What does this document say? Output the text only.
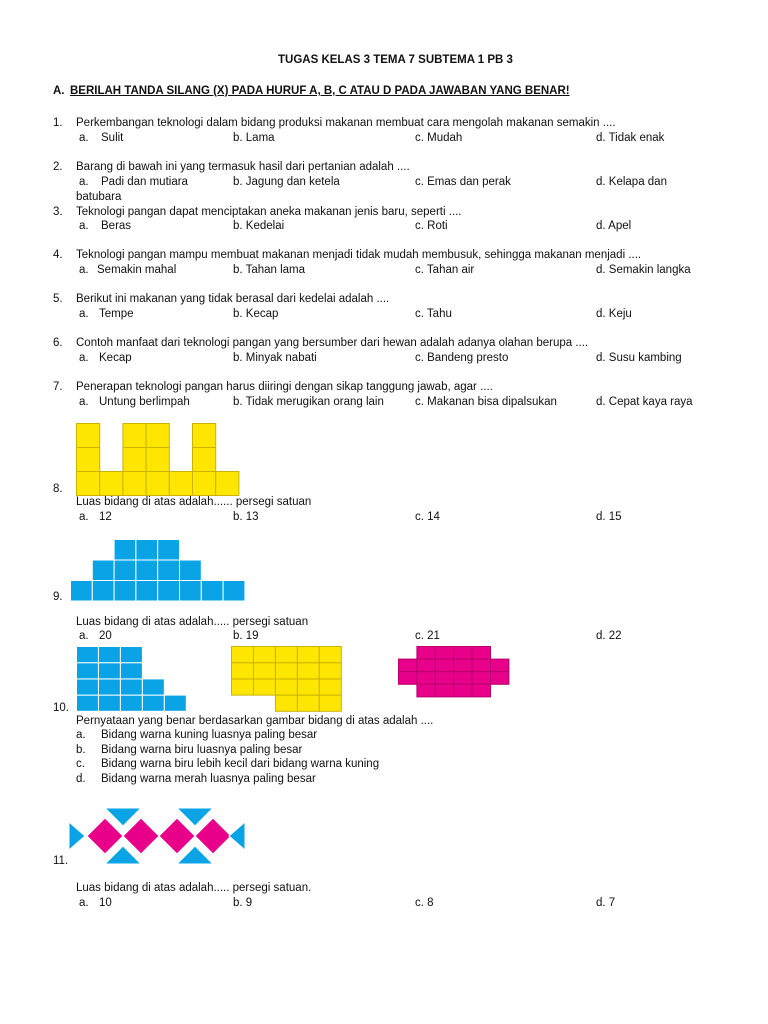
TUGAS KELAS 3 TEMA 7 SUBTEMA 1 PB 3
A. BERILAH TANDA SILANG (X) PADA HURUF A, B, C ATAU D PADA JAWABAN YANG BENAR!
1. Perkembangan teknologi dalam bidang produksi makanan membuat cara mengolah makanan semakin ....
a. Sulit	b. Lama	c. Mudah	d. Tidak enak
2. Barang di bawah ini yang termasuk hasil dari pertanian adalah ....
a. Padi dan mutiara	b. Jagung dan ketela	c. Emas dan perak	d. Kelapa dan
batubara
3. Teknologi pangan dapat menciptakan aneka makanan jenis baru, seperti ....
a. Beras	b. Kedelai	c. Roti	d. Apel
4. Teknologi pangan mampu membuat makanan menjadi tidak mudah membusuk, sehingga makanan menjadi ....
a. Semakin mahal	b. Tahan lama	c. Tahan air	d. Semakin langka
5. Berikut ini makanan yang tidak berasal dari kedelai adalah ....
a. Tempe	b. Kecap	c. Tahu	d. Keju
6. Contoh manfaat dari teknologi pangan yang bersumber dari hewan adalah adanya olahan berupa ....
a. Kecap	b. Minyak nabati	c. Bandeng presto	d. Susu kambing
7. Penerapan teknologi pangan harus diiringi dengan sikap tanggung jawab, agar ....
a. Untung berlimpah	b. Tidak merugikan orang lain	c. Makanan bisa dipalsukan	d. Cepat kaya raya
8.
Luas bidang di atas adalah...... persegi satuan
a. 12	b. 13	c. 14	d. 15
9.
Luas bidang di atas adalah..... persegi satuan
a. 20	b. 19	c. 21	d. 22
10.
Pernyataan yang benar berdasarkan gambar bidang di atas adalah ....
a. Bidang warna kuning luasnya paling besar
b. Bidang warna biru luasnya paling besar
c. Bidang warna biru lebih kecil dari bidang warna kuning
d. Bidang warna merah luasnya paling besar
11.
Luas bidang di atas adalah..... persegi satuan.
a. 10	b. 9	c. 8	d. 7
